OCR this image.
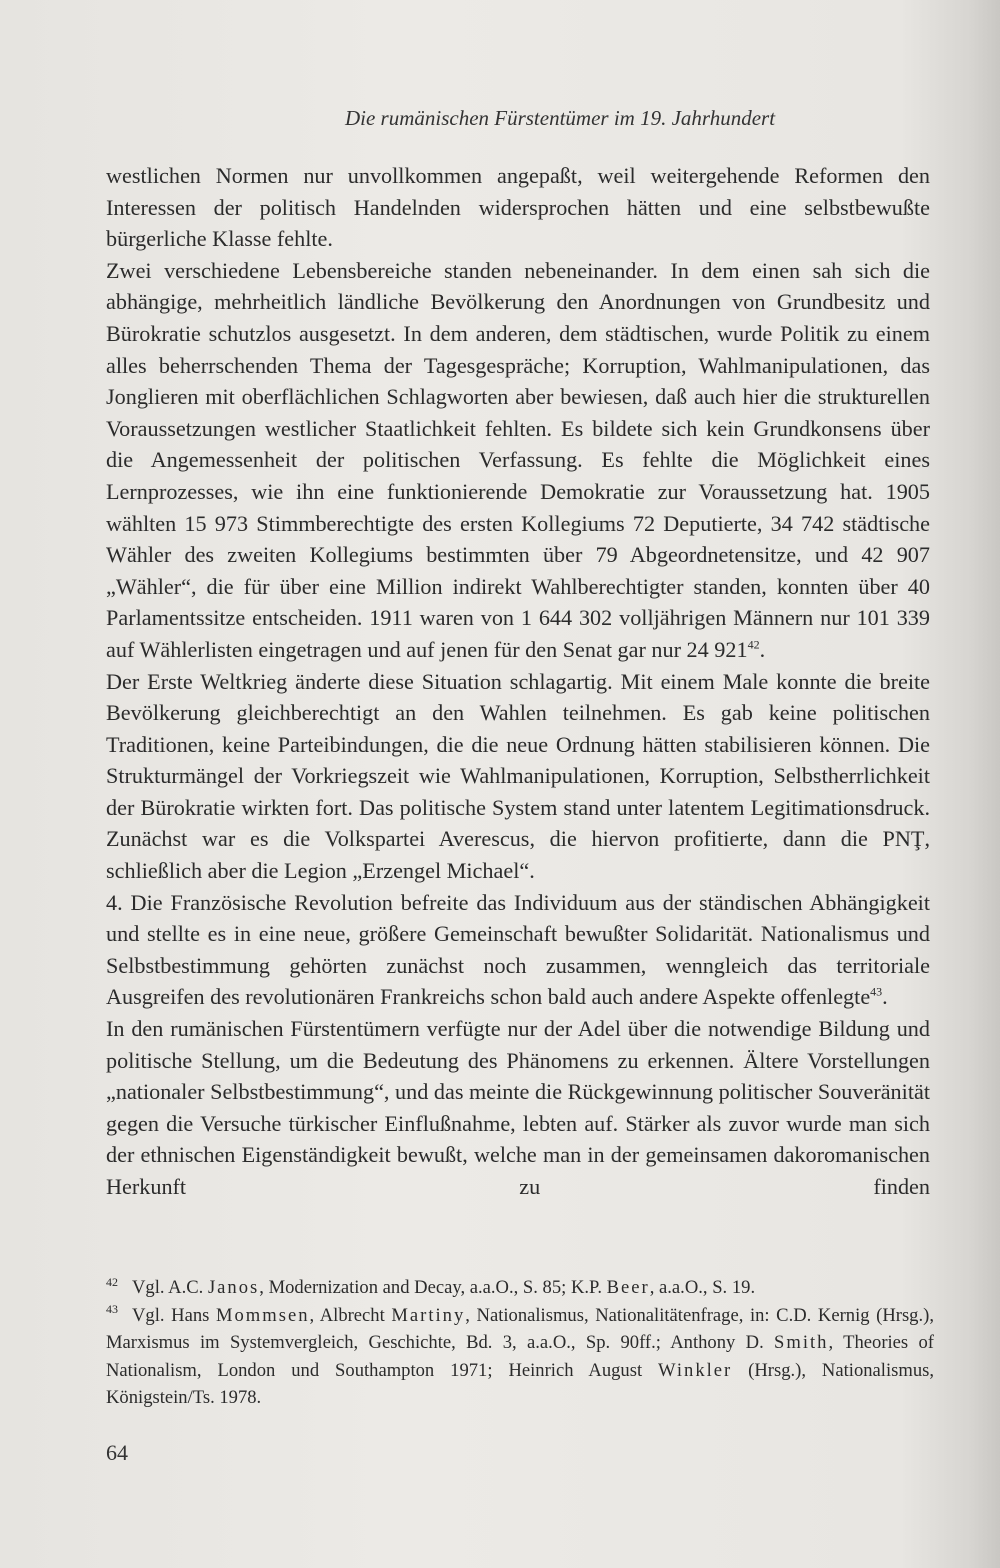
Die rumänischen Fürstentümer im 19. Jahrhundert

westlichen Normen nur unvollkommen angepaßt, weil weitergehende Reformen den Interessen der politisch Handelnden widersprochen hätten und eine selbstbewußte bürgerliche Klasse fehlte.

Zwei verschiedene Lebensbereiche standen nebeneinander. In dem einen sah sich die abhängige, mehrheitlich ländliche Bevölkerung den Anordnungen von Grundbesitz und Bürokratie schutzlos ausgesetzt. In dem anderen, dem städtischen, wurde Politik zu einem alles beherrschenden Thema der Tagesgespräche; Korruption, Wahlmanipulationen, das Jonglieren mit oberflächlichen Schlagworten aber bewiesen, daß auch hier die strukturellen Voraussetzungen westlicher Staatlichkeit fehlten. Es bildete sich kein Grundkonsens über die Angemessenheit der politischen Verfassung. Es fehlte die Möglichkeit eines Lernprozesses, wie ihn eine funktionierende Demokratie zur Voraussetzung hat. 1905 wählten 15 973 Stimmberechtigte des ersten Kollegiums 72 Deputierte, 34 742 städtische Wähler des zweiten Kollegiums bestimmten über 79 Abgeordnetensitze, und 42 907 „Wähler“, die für über eine Million indirekt Wahlberechtigter standen, konnten über 40 Parlamentssitze entscheiden. 1911 waren von 1 644 302 volljährigen Männern nur 101 339 auf Wählerlisten eingetragen und auf jenen für den Senat gar nur 24 921$^{42}$.

Der Erste Weltkrieg änderte diese Situation schlagartig. Mit einem Male konnte die breite Bevölkerung gleichberechtigt an den Wahlen teilnehmen. Es gab keine politischen Traditionen, keine Parteibindungen, die die neue Ordnung hätten stabilisieren können. Die Strukturmängel der Vorkriegszeit wie Wahlmanipulationen, Korruption, Selbstherrlichkeit der Bürokratie wirkten fort. Das politische System stand unter latentem Legitimationsdruck. Zunächst war es die Volkspartei Averescus, die hiervon profitierte, dann die PNŢ, schließlich aber die Legion „Erzengel Michael“.

4. Die Französische Revolution befreite das Individuum aus der ständischen Abhängigkeit und stellte es in eine neue, größere Gemeinschaft bewußter Solidarität. Nationalismus und Selbstbestimmung gehörten zunächst noch zusammen, wenngleich das territoriale Ausgreifen des revolutionären Frankreichs schon bald auch andere Aspekte offenlegte$^{43}$.

In den rumänischen Fürstentümern verfügte nur der Adel über die notwendige Bildung und politische Stellung, um die Bedeutung des Phänomens zu erkennen. Ältere Vorstellungen „nationaler Selbstbestimmung“, und das meinte die Rückgewinnung politischer Souveränität gegen die Versuche türkischer Einflußnahme, lebten auf. Stärker als zuvor wurde man sich der ethnischen Eigenständigkeit bewußt, welche man in der gemeinsamen dakoromanischen Herkunft zu finden

$^{42}$ Vgl. A.C. Janos, Modernization and Decay, a.a.O., S. 85; K.P. Beer, a.a.O., S. 19.

$^{43}$ Vgl. Hans Mommsen, Albrecht Martiny, Nationalismus, Nationalitätenfrage, in: C.D. Kernig (Hrsg.), Marxismus im Systemvergleich, Geschichte, Bd. 3, a.a.O., Sp. 90ff.; Anthony D. Smith, Theories of Nationalism, London und Southampton 1971; Heinrich August Winkler (Hrsg.), Nationalismus, Königstein/Ts. 1978.

64
